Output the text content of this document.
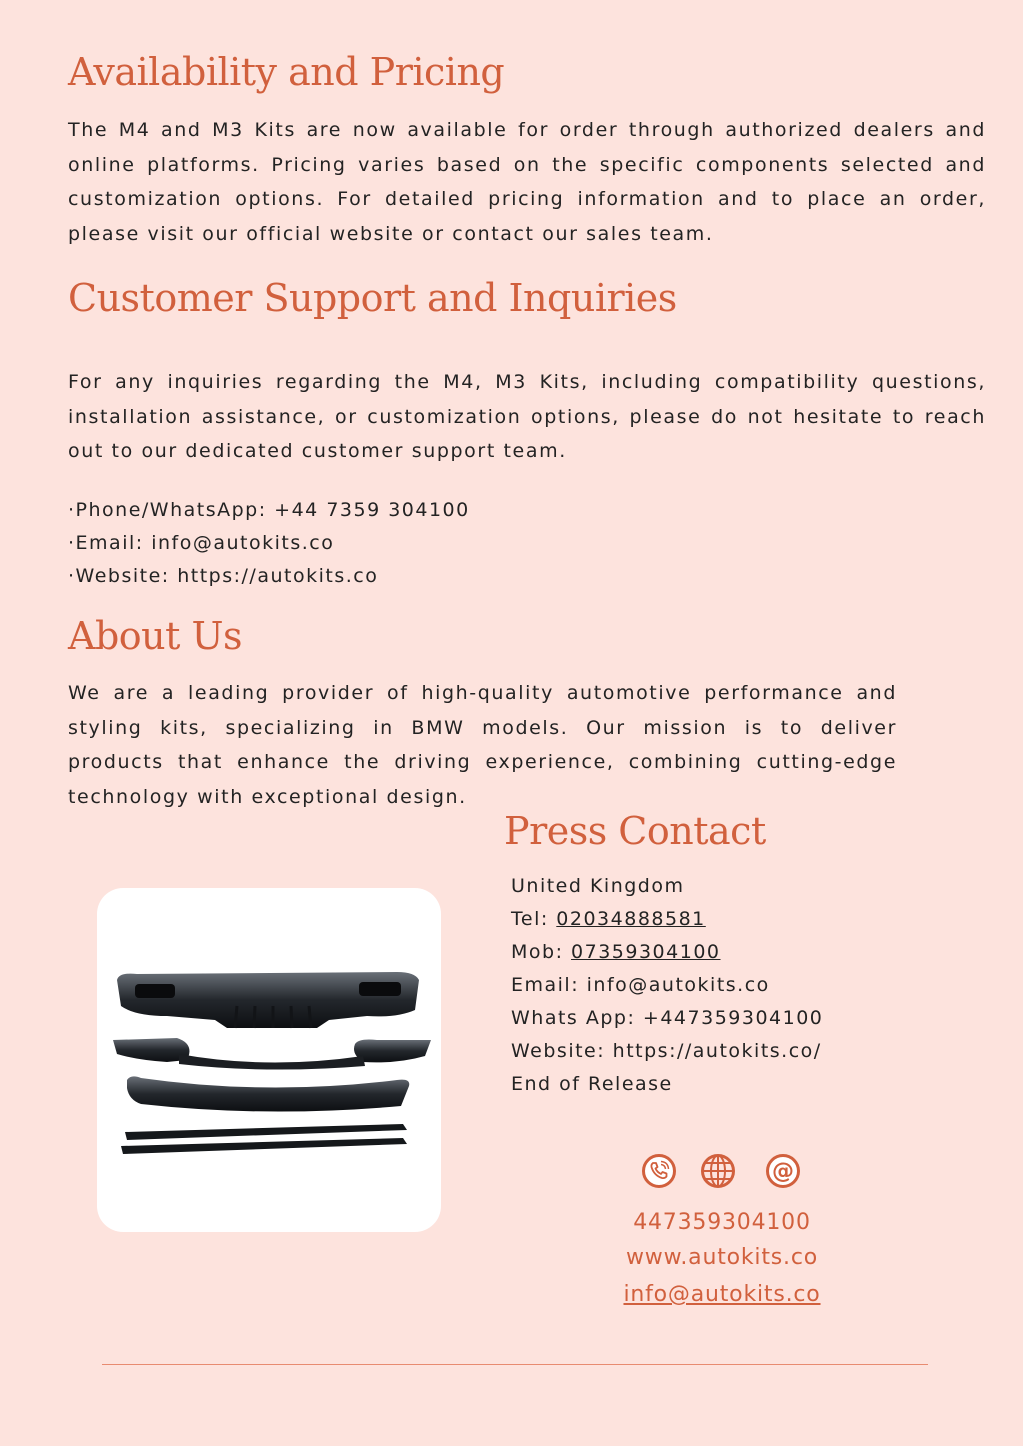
Availability and Pricing

The M4 and M3 Kits are now available for order through authorized dealers and online platforms. Pricing varies based on the specific components selected and customization options. For detailed pricing information and to place an order, please visit our official website or contact our sales team.

Customer Support and Inquiries

For any inquiries regarding the M4, M3 Kits, including compatibility questions, installation assistance, or customization options, please do not hesitate to reach out to our dedicated customer support team.

·Phone/WhatsApp: +44 7359 304100
·Email: info@autokits.co
·Website: https://autokits.co
About Us

We are a leading provider of high-quality automotive performance and styling kits, specializing in BMW models. Our mission is to deliver products that enhance the driving experience, combining cutting-edge technology with exceptional design.

Press Contact
United Kingdom
Tel: 02034888581
Mob: 07359304100
Email: info@autokits.co
Whats App: +447359304100
Website: https://autokits.co/
End of Release
@
447359304100
www.autokits.co
info@autokits.co
